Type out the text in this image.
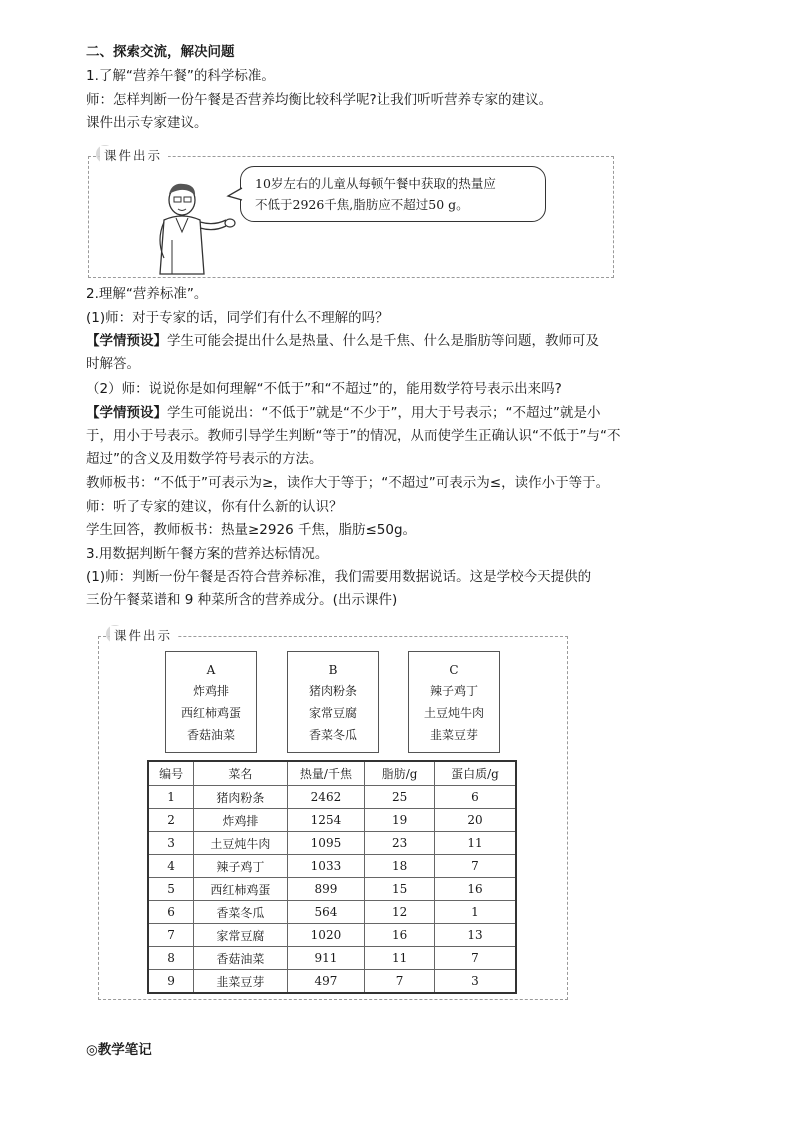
二、探索交流，解决问题
1.了解“营养午餐”的科学标准。
师：怎样判断一份午餐是否营养均衡比较科学呢?让我们听听营养专家的建议。
课件出示专家建议。
课件出示
10岁左右的儿童从每顿午餐中获取的热量应
不低于2926千焦,脂肪应不超过50 g。
2.理解“营养标准”。
(1)师：对于专家的话，同学们有什么不理解的吗？
【学情预设】学生可能会提出什么是热量、什么是千焦、什么是脂肪等问题，教师可及
时解答。
（2）师：说说你是如何理解“不低于”和“不超过”的，能用数学符号表示出来吗?
【学情预设】学生可能说出：“不低于”就是“不少于”，用大于号表示；“不超过”就是小
于，用小于号表示。教师引导学生判断“等于”的情况，从而使学生正确认识“不低于”与“不
超过”的含义及用数学符号表示的方法。
教师板书：“不低于”可表示为≥，读作大于等于；“不超过”可表示为≤，读作小于等于。
师：听了专家的建议，你有什么新的认识？
学生回答，教师板书：热量≥2926 千焦，脂肪≤50g。
3.用数据判断午餐方案的营养达标情况。
(1)师：判断一份午餐是否符合营养标准，我们需要用数据说话。这是学校今天提供的
三份午餐菜谱和 9 种菜所含的营养成分。(出示课件)
课件出示
A
炸鸡排
西红柿鸡蛋
香菇油菜
B
猪肉粉条
家常豆腐
香菜冬瓜
C
辣子鸡丁
土豆炖牛肉
韭菜豆芽
编号	菜名	热量/千焦	脂肪/g	蛋白质/g
1	猪肉粉条	2462	25	6
2	炸鸡排	1254	19	20
3	土豆炖牛肉	1095	23	11
4	辣子鸡丁	1033	18	7
5	西红柿鸡蛋	899	15	16
6	香菜冬瓜	564	12	1
7	家常豆腐	1020	16	13
8	香菇油菜	911	11	7
9	韭菜豆芽	497	7	3
◎教学笔记
